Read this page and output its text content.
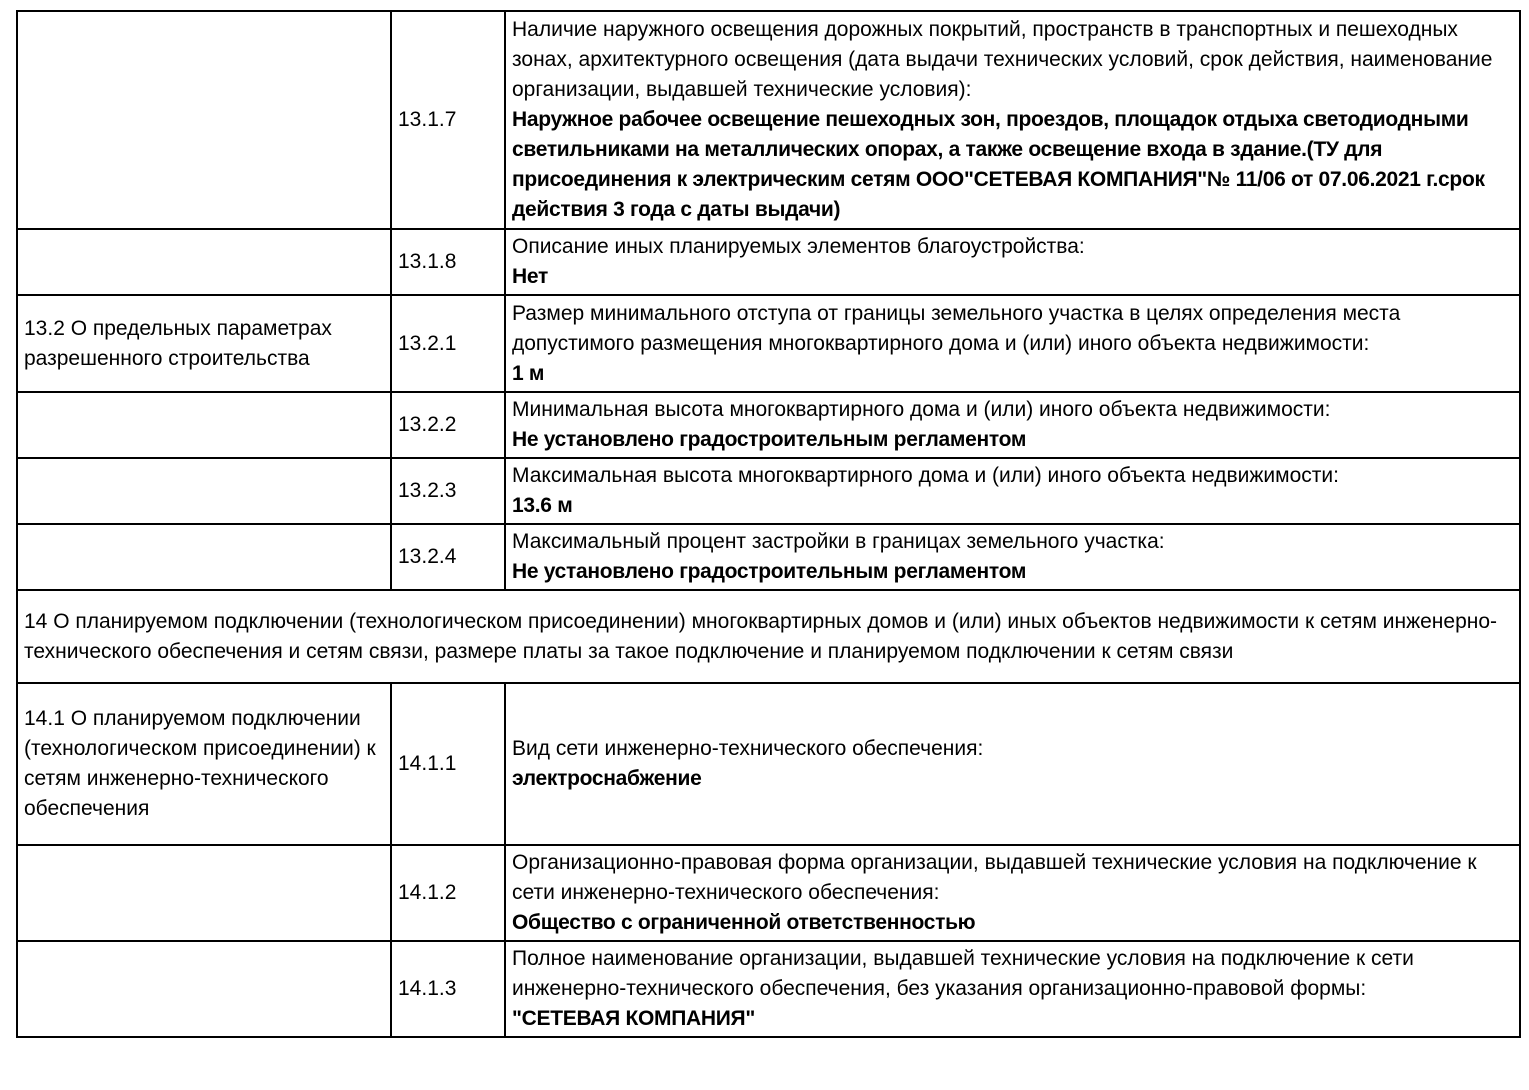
	13.1.7	Наличие наружного освещения дорожных покрытий, пространств в транспортных и пешеходных зонах, архитектурного освещения (дата выдачи технических условий, срок действия, наименование организации, выдавшей технические условия):
Наружное рабочее освещение пешеходных зон, проездов, площадок отдыха светодиодными светильниками на металлических опорах, а также освещение входа в здание.(ТУ для присоединения к электрическим сетям ООО"СЕТЕВАЯ КОМПАНИЯ"№ 11/06 от 07.06.2021 г.срок действия 3 года с даты выдачи)

	13.1.8	Описание иных планируемых элементов благоустройства:
Нет

13.2 О предельных параметрах разрешенного строительства	13.2.1	Размер минимального отступа от границы земельного участка в целях определения места допустимого размещения многоквартирного дома и (или) иного объекта недвижимости:
1 м

	13.2.2	Минимальная высота многоквартирного дома и (или) иного объекта недвижимости:
Не установлено градостроительным регламентом

	13.2.3	Максимальная высота многоквартирного дома и (или) иного объекта недвижимости:
13.6 м

	13.2.4	Максимальный процент застройки в границах земельного участка:
Не установлено градостроительным регламентом

14 О планируемом подключении (технологическом присоединении) многоквартирных домов и (или) иных объектов недвижимости к сетям инженерно-технического обеспечения и сетям связи, размере платы за такое подключение и планируемом подключении к сетям связи		
14.1 О планируемом подключении (технологическом присоединении) к сетям инженерно-технического обеспечения	14.1.1	Вид сети инженерно-технического обеспечения:
электроснабжение

	14.1.2	Организационно-правовая форма организации, выдавшей технические условия на подключение к сети инженерно-технического обеспечения:
Общество с ограниченной ответственностью

	14.1.3	Полное наименование организации, выдавшей технические условия на подключение к сети инженерно-технического обеспечения, без указания организационно-правовой формы:
"СЕТЕВАЯ КОМПАНИЯ"
